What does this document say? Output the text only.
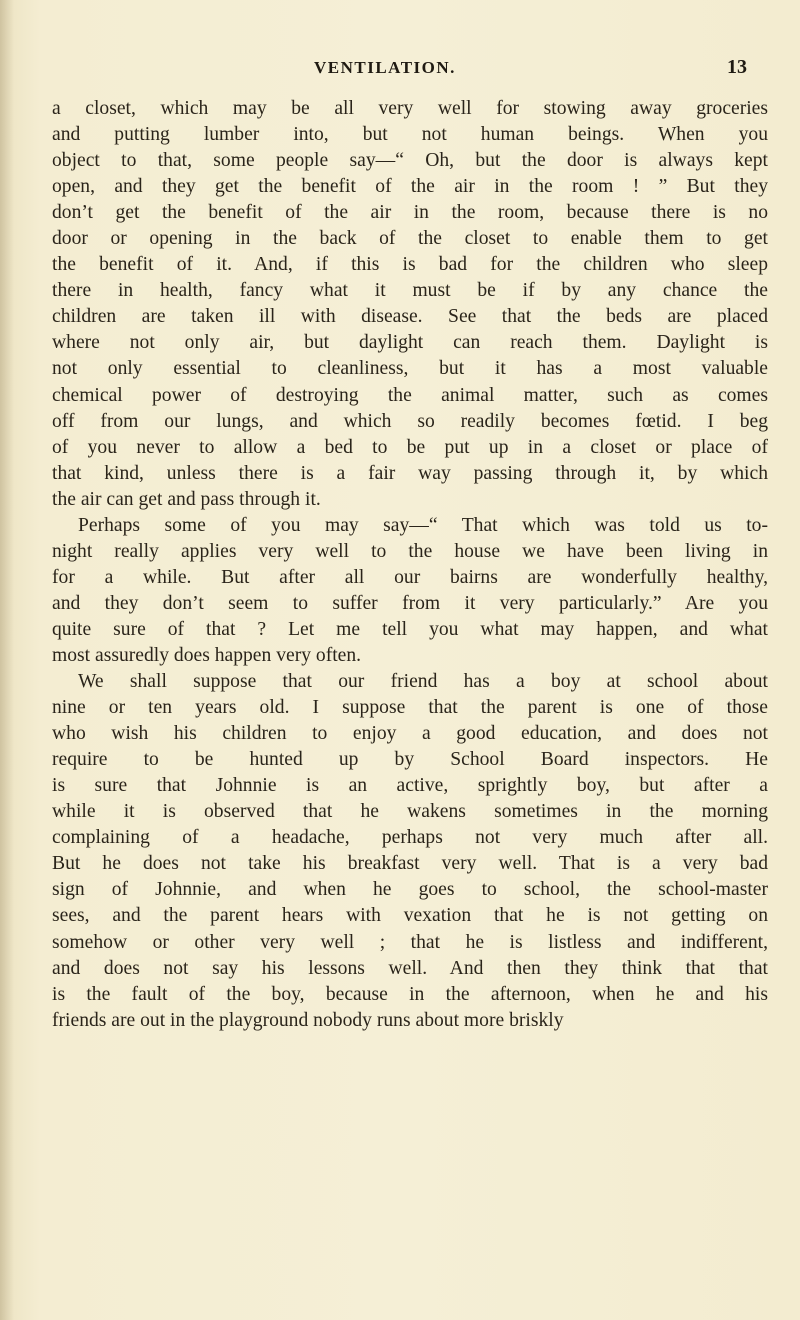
VENTILATION.	13
a closet, which may be all very well for stowing away groceries
and putting lumber into, but not human beings. When you
object to that, some people say—“ Oh, but the door is always kept
open, and they get the benefit of the air in the room ! ” But they
don’t get the benefit of the air in the room, because there is no
door or opening in the back of the closet to enable them to get
the benefit of it. And, if this is bad for the children who sleep
there in health, fancy what it must be if by any chance the
children are taken ill with disease. See that the beds are placed
where not only air, but daylight can reach them. Daylight is
not only essential to cleanliness, but it has a most valuable
chemical power of destroying the animal matter, such as comes
off from our lungs, and which so readily becomes fœtid. I beg
of you never to allow a bed to be put up in a closet or place of
that kind, unless there is a fair way passing through it, by which
the air can get and pass through it.
Perhaps some of you may say—“ That which was told us to-
night really applies very well to the house we have been living in
for a while. But after all our bairns are wonderfully healthy,
and they don’t seem to suffer from it very particularly.” Are you
quite sure of that ? Let me tell you what may happen, and what
most assuredly does happen very often.
We shall suppose that our friend has a boy at school about
nine or ten years old. I suppose that the parent is one of those
who wish his children to enjoy a good education, and does not
require to be hunted up by School Board inspectors. He
is sure that Johnnie is an active, sprightly boy, but after a
while it is observed that he wakens sometimes in the morning
complaining of a headache, perhaps not very much after all.
But he does not take his breakfast very well. That is a very bad
sign of Johnnie, and when he goes to school, the school-master
sees, and the parent hears with vexation that he is not getting on
somehow or other very well ; that he is listless and indifferent,
and does not say his lessons well. And then they think that that
is the fault of the boy, because in the afternoon, when he and his
friends are out in the playground nobody runs about more briskly
